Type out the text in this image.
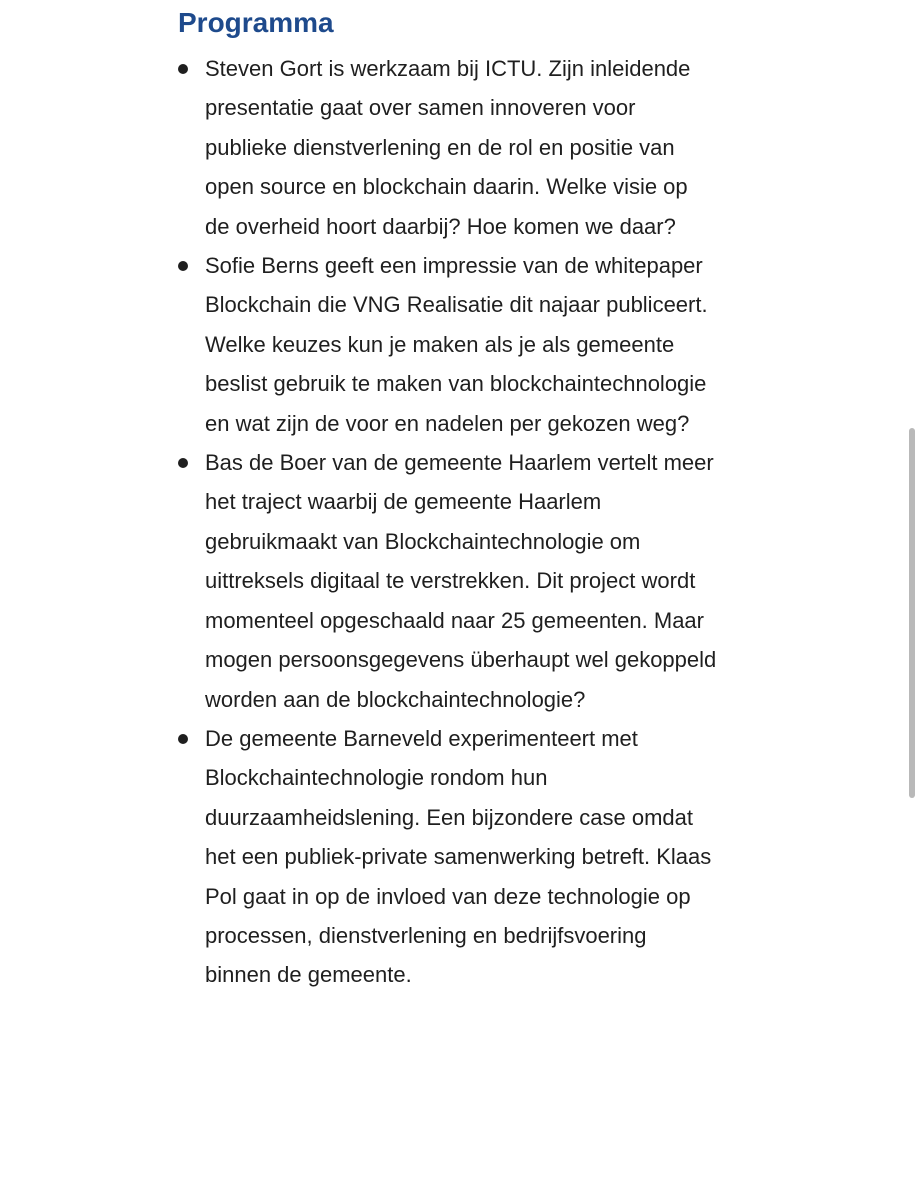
Programma
Steven Gort is werkzaam bij ICTU. Zijn inleidende presentatie gaat over samen innoveren voor publieke dienstverlening en de rol en positie van open source en blockchain daarin. Welke visie op de overheid hoort daarbij? Hoe komen we daar?
Sofie Berns geeft een impressie van de whitepaper Blockchain die VNG Realisatie dit najaar publiceert. Welke keuzes kun je maken als je als gemeente beslist gebruik te maken van blockchaintechnologie en wat zijn de voor en nadelen per gekozen weg?
Bas de Boer van de gemeente Haarlem vertelt meer het traject waarbij de gemeente Haarlem gebruikmaakt van Blockchaintechnologie om uittreksels digitaal te verstrekken. Dit project wordt momenteel opgeschaald naar 25 gemeenten. Maar mogen persoonsgegevens überhaupt wel gekoppeld worden aan de blockchaintechnologie?
De gemeente Barneveld experimenteert met Blockchaintechnologie rondom hun duurzaamheidslening. Een bijzondere case omdat het een publiek-private samenwerking betreft. Klaas Pol gaat in op de invloed van deze technologie op processen, dienstverlening en bedrijfsvoering binnen de gemeente.
